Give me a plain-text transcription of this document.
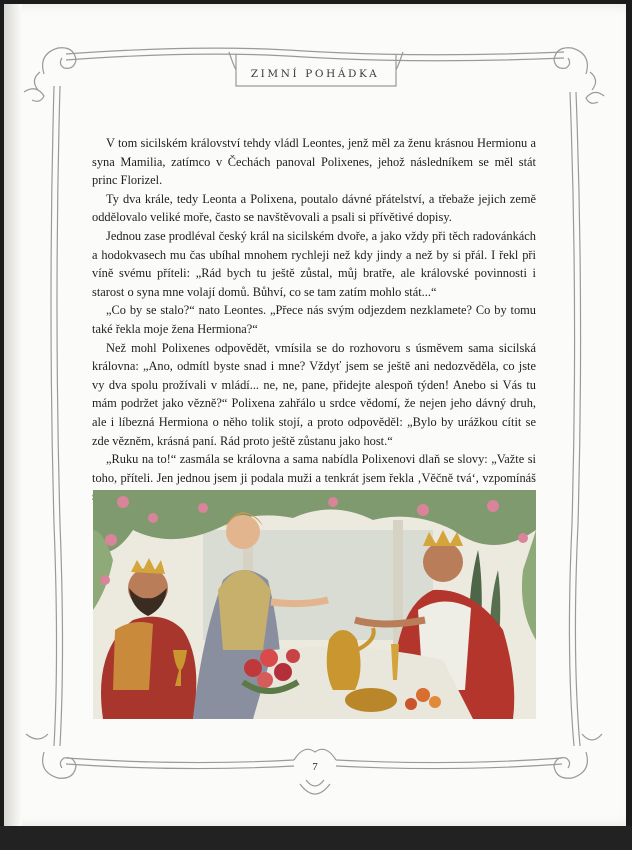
ZIMNÍ POHÁDKA

V tom sicilském království tehdy vládl Leontes, jenž měl za ženu krásnou Hermionu a syna Mamilia, zatímco v Čechách panoval Polixenes, jehož následníkem se měl stát princ Florizel.

Ty dva krále, tedy Leonta a Polixena, poutalo dávné přátelství, a třebaže jejich země oddělovalo veliké moře, často se navštěvovali a psali si přívětivé dopisy.

Jednou zase prodléval český král na sicilském dvoře, a jako vždy při těch radovánkách a hodokvasech mu čas ubíhal mnohem rychleji než kdy jindy a než by si přál. I řekl při víně svému příteli: „Rád bych tu ještě zůstal, můj bratře, ale královské povinnosti i starost o syna mne volají domů. Bůhví, co se tam zatím mohlo stát...“

„Co by se stalo?“ nato Leontes. „Přece nás svým odjezdem nezklamete? Co by tomu také řekla moje žena Hermiona?“

Než mohl Polixenes odpovědět, vmísila se do rozhovoru s úsměvem sama sicilská královna: „Ano, odmítl byste snad i mne? Vždyť jsem se ještě ani nedozvěděla, co jste vy dva spolu prožívali v mládí... ne, ne, pane, přidejte alespoň týden! Anebo si Vás tu mám podržet jako vězně?“ Polixena zahřálo u srdce vědomí, že nejen jeho dávný druh, ale i líbezná Hermiona o něho tolik stojí, a proto odpověděl: „Bylo by urážkou cítit se zde vězněm, krásná paní. Rád proto ještě zůstanu jako host.“

„Ruku na to!“ zasmála se královna a sama nabídla Polixenovi dlaň se slovy: „Važte si toho, příteli. Jen jednou jsem ji podala muži a tenkrát jsem řekla ‚Věčně tvá‘, vzpomínáš

7
